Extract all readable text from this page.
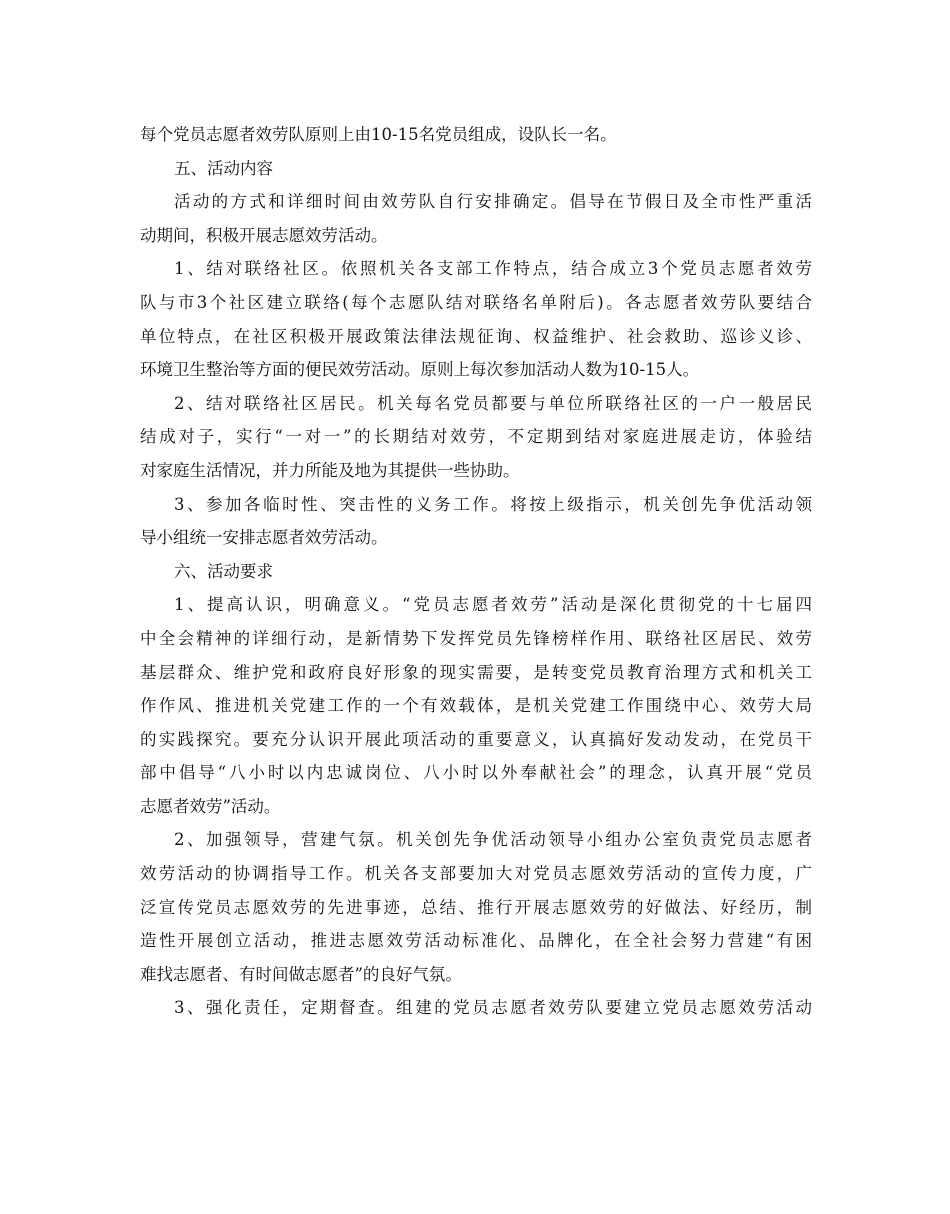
每个党员志愿者效劳队原则上由10-15名党员组成，设队长一名。
五、活动内容
活动的方式和详细时间由效劳队自行安排确定。倡导在节假日及全市性严重活
动期间，积极开展志愿效劳活动。
1、结对联络社区。依照机关各支部工作特点，结合成立3个党员志愿者效劳
队与市3个社区建立联络(每个志愿队结对联络名单附后)。各志愿者效劳队要结合
单位特点，在社区积极开展政策法律法规征询、权益维护、社会救助、巡诊义诊、
环境卫生整治等方面的便民效劳活动。原则上每次参加活动人数为10-15人。
2、结对联络社区居民。机关每名党员都要与单位所联络社区的一户一般居民
结成对子，实行“一对一”的长期结对效劳，不定期到结对家庭进展走访，体验结
对家庭生活情况，并力所能及地为其提供一些协助。
3、参加各临时性、突击性的义务工作。将按上级指示，机关创先争优活动领
导小组统一安排志愿者效劳活动。
六、活动要求
1、提高认识，明确意义。“党员志愿者效劳”活动是深化贯彻党的十七届四
中全会精神的详细行动，是新情势下发挥党员先锋榜样作用、联络社区居民、效劳
基层群众、维护党和政府良好形象的现实需要，是转变党员教育治理方式和机关工
作作风、推进机关党建工作的一个有效载体，是机关党建工作围绕中心、效劳大局
的实践探究。要充分认识开展此项活动的重要意义，认真搞好发动发动，在党员干
部中倡导“八小时以内忠诚岗位、八小时以外奉献社会”的理念，认真开展“党员
志愿者效劳”活动。
2、加强领导，营建气氛。机关创先争优活动领导小组办公室负责党员志愿者
效劳活动的协调指导工作。机关各支部要加大对党员志愿效劳活动的宣传力度，广
泛宣传党员志愿效劳的先进事迹，总结、推行开展志愿效劳的好做法、好经历，制
造性开展创立活动，推进志愿效劳活动标准化、品牌化，在全社会努力营建“有困
难找志愿者、有时间做志愿者”的良好气氛。
3、强化责任，定期督查。组建的党员志愿者效劳队要建立党员志愿效劳活动
